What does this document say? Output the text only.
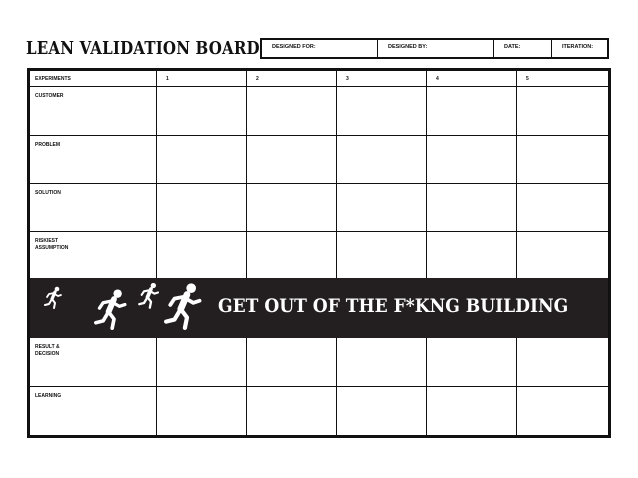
LEAN VALIDATION BOARD	DESIGNED FOR:	DESIGNED BY:	DATE:	ITERATION:
EXPERIMENTS	1	2	3	4	5
CUSTOMER
PROBLEM
SOLUTION
RISKIEST
ASSUMPTION
GET OUT OF THE F*KNG BUILDING
RESULT &
DECISION
LEARNING
